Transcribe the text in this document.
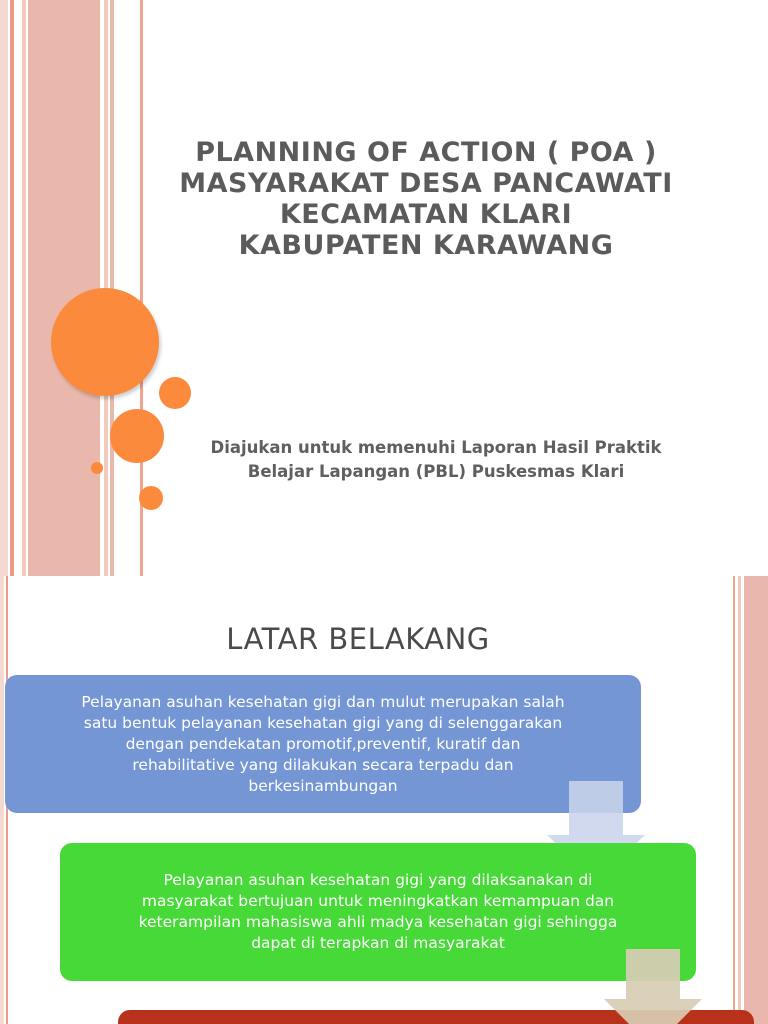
PLANNING OF ACTION ( POA )
MASYARAKAT DESA PANCAWATI
KECAMATAN KLARI
KABUPATEN KARAWANG
Diajukan untuk memenuhi Laporan Hasil Praktik
Belajar Lapangan (PBL) Puskesmas Klari
LATAR BELAKANG
Pelayanan asuhan kesehatan gigi dan mulut merupakan salah
satu bentuk pelayanan kesehatan gigi yang di selenggarakan
dengan pendekatan promotif,preventif, kuratif dan
rehabilitative yang dilakukan secara terpadu dan
berkesinambungan
Pelayanan asuhan kesehatan gigi yang dilaksanakan di
masyarakat bertujuan untuk meningkatkan kemampuan dan
keterampilan mahasiswa ahli madya kesehatan gigi sehingga
dapat di terapkan di masyarakat
